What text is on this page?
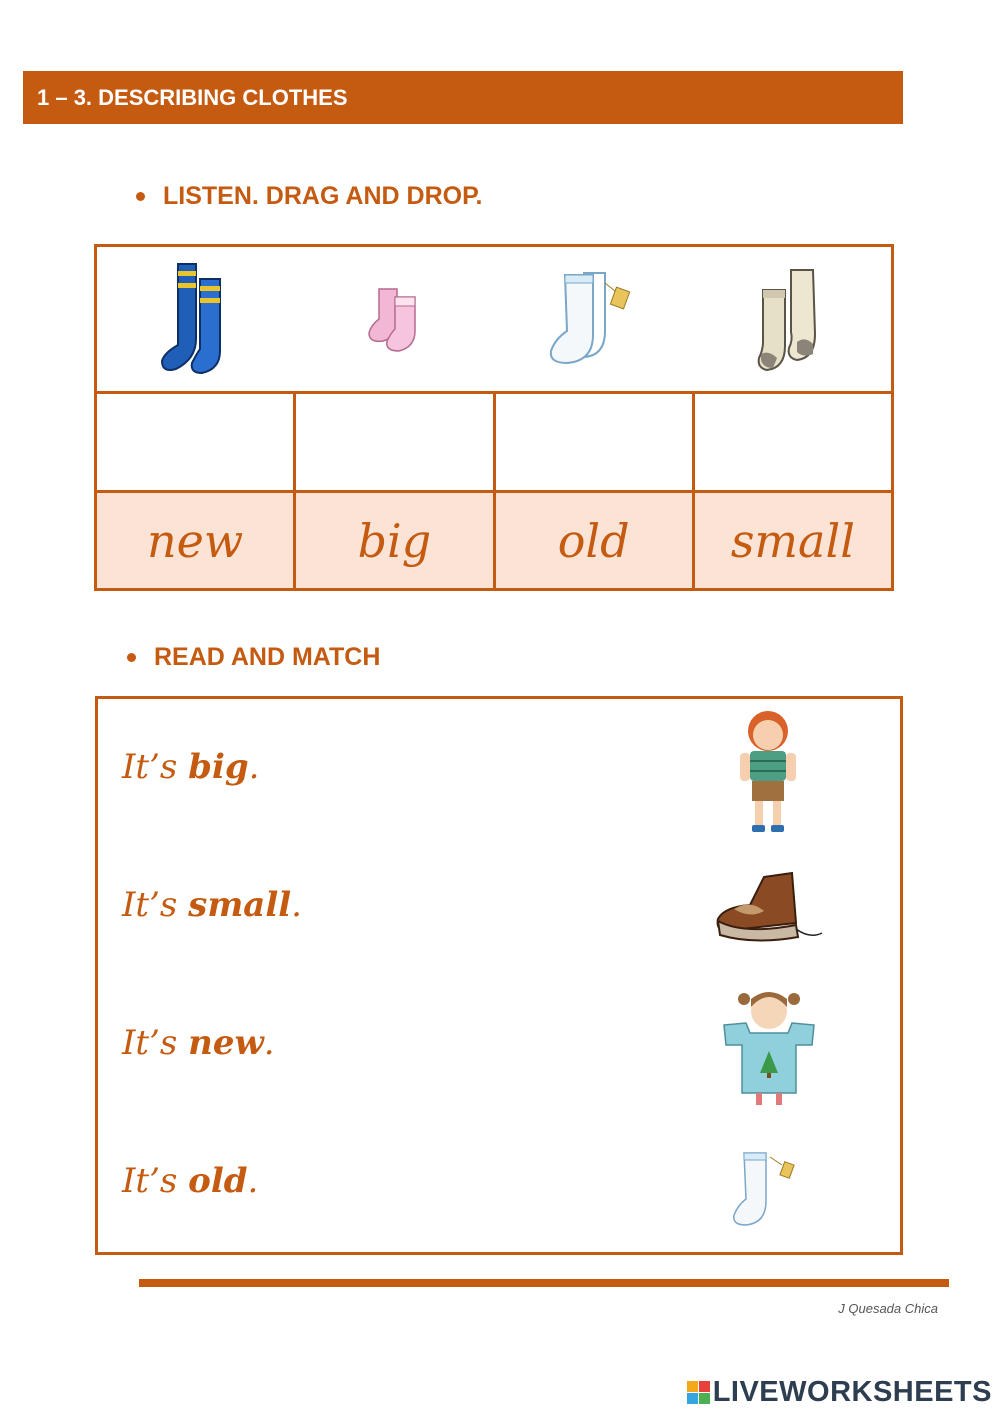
1 – 3. DESCRIBING CLOTHES
LISTEN. DRAG AND DROP.
new	big	old	small
READ AND MATCH
It’s big.
It’s small.
It’s new.
It’s old.
J Quesada Chica
LIVEWORKSHEETS
